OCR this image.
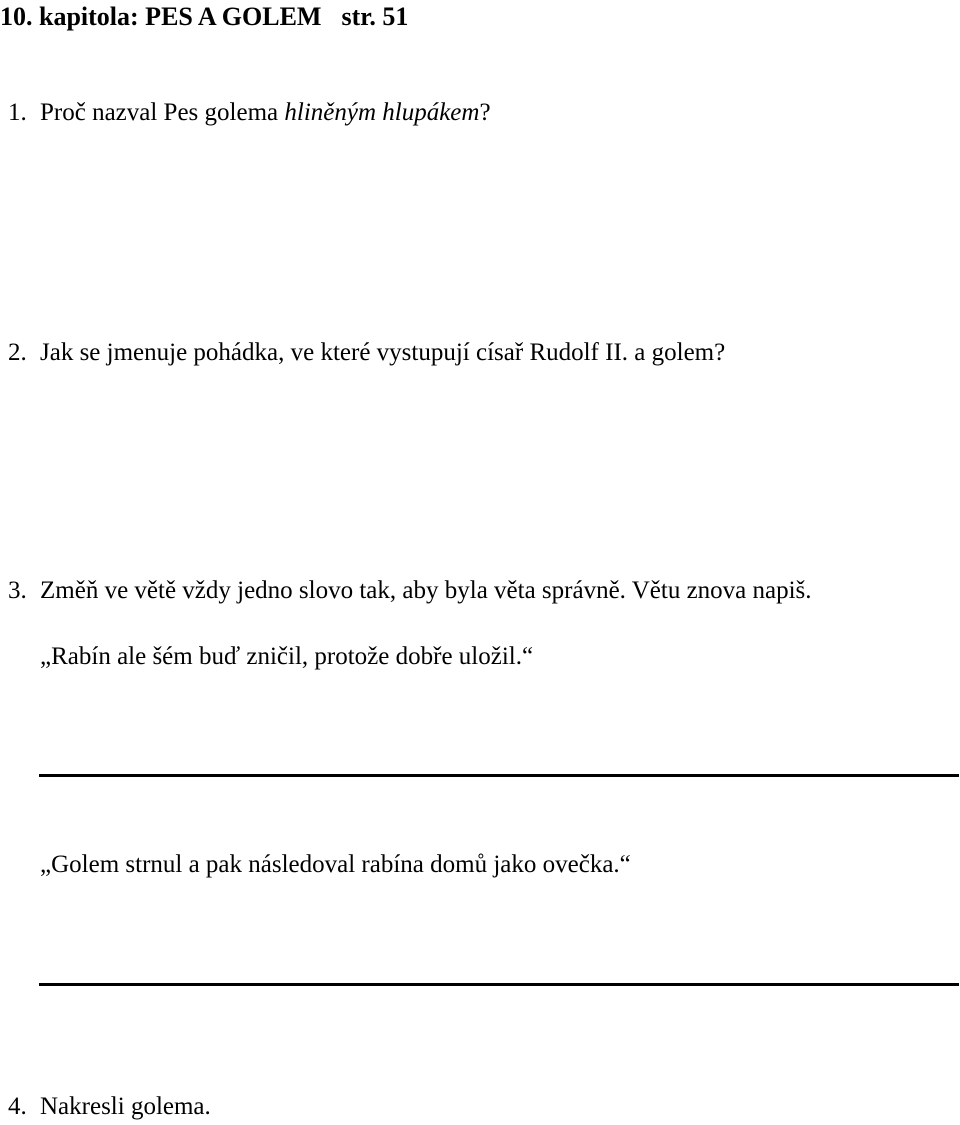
10. kapitola: PES A GOLEM str. 51
1. Proč nazval Pes golema hliněným hlupákem?
2. Jak se jmenuje pohádka, ve které vystupují císař Rudolf II. a golem?
3. Změň ve větě vždy jedno slovo tak, aby byla věta správně. Větu znova napiš.
„Rabín ale šém buď zničil, protože dobře uložil.“
„Golem strnul a pak následoval rabína domů jako ovečka.“
4. Nakresli golema.
